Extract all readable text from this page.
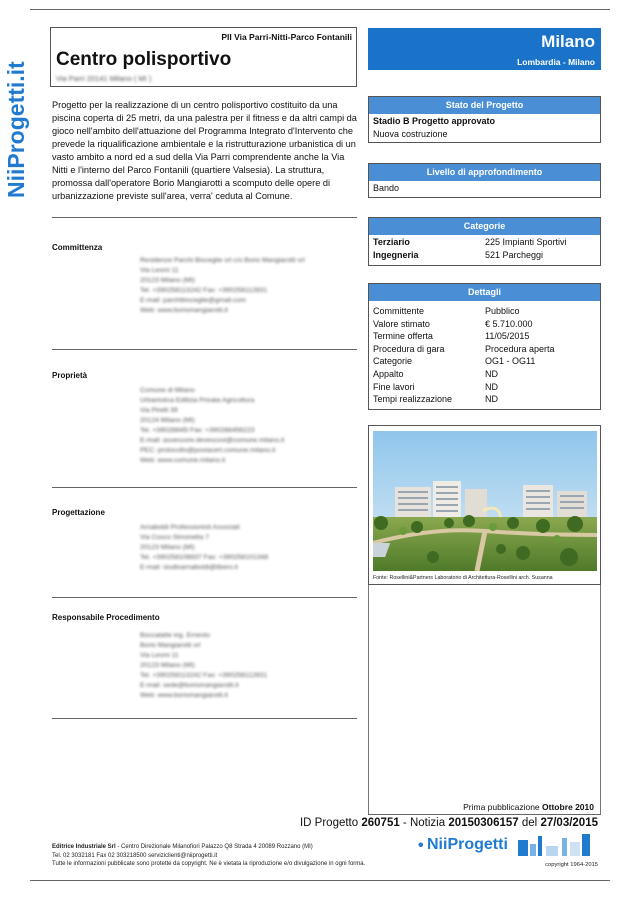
NiiProgetti.it
PII Via Parri-Nitti-Parco Fontanili
Centro polisportivo
Via Parri 20141 Milano ( MI )
Milano
Lombardia - Milano
Progetto per la realizzazione di un centro polisportivo costituito da una piscina coperta di 25 metri, da una palestra per il fitness e da altri campi da gioco nell'ambito dell'attuazione del Programma Integrato d'Intervento che prevede la riqualificazione ambientale e la ristrutturazione urbanistica di un vasto ambito a nord ed a sud della Via Parri comprendente anche la Via Nitti e l'interno del Parco Fontanili (quartiere Valsesia). La struttura, promossa dall'operatore Borio Mangiarotti a scomputo delle opere di urbanizzazione previste sull'area, verra' ceduta al Comune.
Committenza
Residenze Parchi Bisceglie srl c/o Borio Mangiarotti srl
Via Lesmi 11
20123 Milano (MI)
Tel. +390258113242 Fax: +390258112831
E-mail: parchibisceglie@gmail.com
Web: www.boriomangiarotti.it
Proprietà
Comune di Milano
Urbanistica Edilizia Privata Agricoltura
Via Pirelli 39
20124 Milano (MI)
Tel. +39028845l Fax: +390288456223
E-mail: assessore.devescovi@comune.milano.it
PEC: protocollo@postacert.comune.milano.it
Web: www.comune.milano.it
Progettazione
Arnaboldi Professionisti Associati
Via Cosco Simonetta 7
20123 Milano (MI)
Tel. +390258108837 Fax: +390258101348
E-mail: studioarnaboldi@libero.it
Responsabile Procedimento
Boccalatte ing. Ernesto
Borio Mangiarotti srl
Via Lesmi 11
20123 Milano (MI)
Tel. +390258113242 Fax: +390258112831
E-mail: sede@boriomangiarotti.it
Web: www.boriomangiarotti.it
Stato del Progetto
Stadio B Progetto approvato
Nuova costruzione
Livello di approfondimento
Bando
Categorie
Terziario	225 Impianti Sportivi
Ingegneria	521 Parcheggi
Dettagli
Committente	Pubblico
Valore stimato	€ 5.710.000
Termine offerta	11/05/2015
Procedura di gara	Procedura aperta
Categorie	OG1 - OG11
Appalto	ND
Fine lavori	ND
Tempi realizzazione	ND
Fonte: Rosellini&Partners Laboratorio di Architettura-Rosellini arch. Susanna
Prima pubblicazione Ottobre 2010
ID Progetto 260751 - Notizia 20150306157 del 27/03/2015
Editrice Industriale Srl - Centro Direzionale Milanofiori Palazzo Q8 Strada 4 20089 Rozzano (MI)
Tel. 02 3032181 Fax 02 303218500 serviziclienti@niiprogetti.it
Tutte le informazioni pubblicate sono protette da copyright. Ne è vietata la riproduzione e/o divulgazione in ogni forma.
• NiiProgetti
copyright 1964-2015
